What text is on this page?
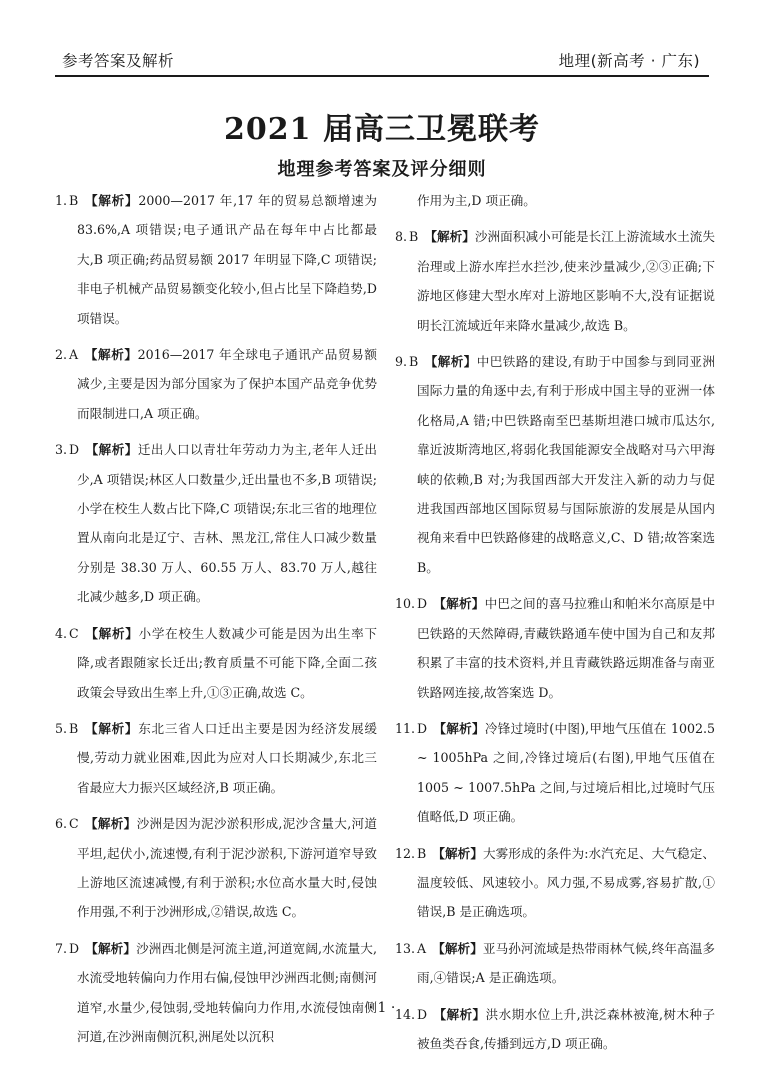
参考答案及解析	地理(新高考 · 广东)
2021 届高三卫冕联考
地理参考答案及评分细则
1. B 【解析】2000—2017 年,17 年的贸易总额增速为 83.6%,A 项错误;电子通讯产品在每年中占比都最大,B 项正确;药品贸易额 2017 年明显下降,C 项错误;非电子机械产品贸易额变化较小,但占比呈下降趋势,D 项错误。
2. A 【解析】2016—2017 年全球电子通讯产品贸易额减少,主要是因为部分国家为了保护本国产品竞争优势而限制进口,A 项正确。
3. D 【解析】迁出人口以青壮年劳动力为主,老年人迁出少,A 项错误;林区人口数量少,迁出量也不多,B 项错误;小学在校生人数占比下降,C 项错误;东北三省的地理位置从南向北是辽宁、吉林、黑龙江,常住人口减少数量分别是 38.30 万人、60.55 万人、83.70 万人,越往北减少越多,D 项正确。
4. C 【解析】小学在校生人数减少可能是因为出生率下降,或者跟随家长迁出;教育质量不可能下降,全面二孩政策会导致出生率上升,①③正确,故选 C。
5. B 【解析】东北三省人口迁出主要是因为经济发展缓慢,劳动力就业困难,因此为应对人口长期减少,东北三省最应大力振兴区域经济,B 项正确。
6. C 【解析】沙洲是因为泥沙淤积形成,泥沙含量大,河道平坦,起伏小,流速慢,有利于泥沙淤积,下游河道窄导致上游地区流速减慢,有利于淤积;水位高水量大时,侵蚀作用强,不利于沙洲形成,②错误,故选 C。
7. D 【解析】沙洲西北侧是河流主道,河道宽阔,水流量大,水流受地转偏向力作用右偏,侵蚀甲沙洲西北侧;南侧河道窄,水量少,侵蚀弱,受地转偏向力作用,水流侵蚀南侧河道,在沙洲南侧沉积,洲尾处以沉积
作用为主,D 项正确。
8. B 【解析】沙洲面积减小可能是长江上游流域水土流失治理或上游水库拦水拦沙,使来沙量减少,②③正确;下游地区修建大型水库对上游地区影响不大,没有证据说明长江流域近年来降水量减少,故选 B。
9. B 【解析】中巴铁路的建设,有助于中国参与到同亚洲国际力量的角逐中去,有利于形成中国主导的亚洲一体化格局,A 错;中巴铁路南至巴基斯坦港口城市瓜达尔,靠近波斯湾地区,将弱化我国能源安全战略对马六甲海峡的依赖,B 对;为我国西部大开发注入新的动力与促进我国西部地区国际贸易与国际旅游的发展是从国内视角来看中巴铁路修建的战略意义,C、D 错;故答案选 B。
10. D 【解析】中巴之间的喜马拉雅山和帕米尔高原是中巴铁路的天然障碍,青藏铁路通车使中国为自己和友邦积累了丰富的技术资料,并且青藏铁路远期准备与南亚铁路网连接,故答案选 D。
11. D 【解析】冷锋过境时(中图),甲地气压值在 1002.5 ~ 1005hPa 之间,冷锋过境后(右图),甲地气压值在 1005 ~ 1007.5hPa 之间,与过境后相比,过境时气压值略低,D 项正确。
12. B 【解析】大雾形成的条件为:水汽充足、大气稳定、温度较低、风速较小。风力强,不易成雾,容易扩散,①错误,B 是正确选项。
13. A 【解析】亚马孙河流域是热带雨林气候,终年高温多雨,④错误;A 是正确选项。
14. D 【解析】洪水期水位上升,洪泛森林被淹,树木种子被鱼类吞食,传播到远方,D 项正确。
· 1 ·
